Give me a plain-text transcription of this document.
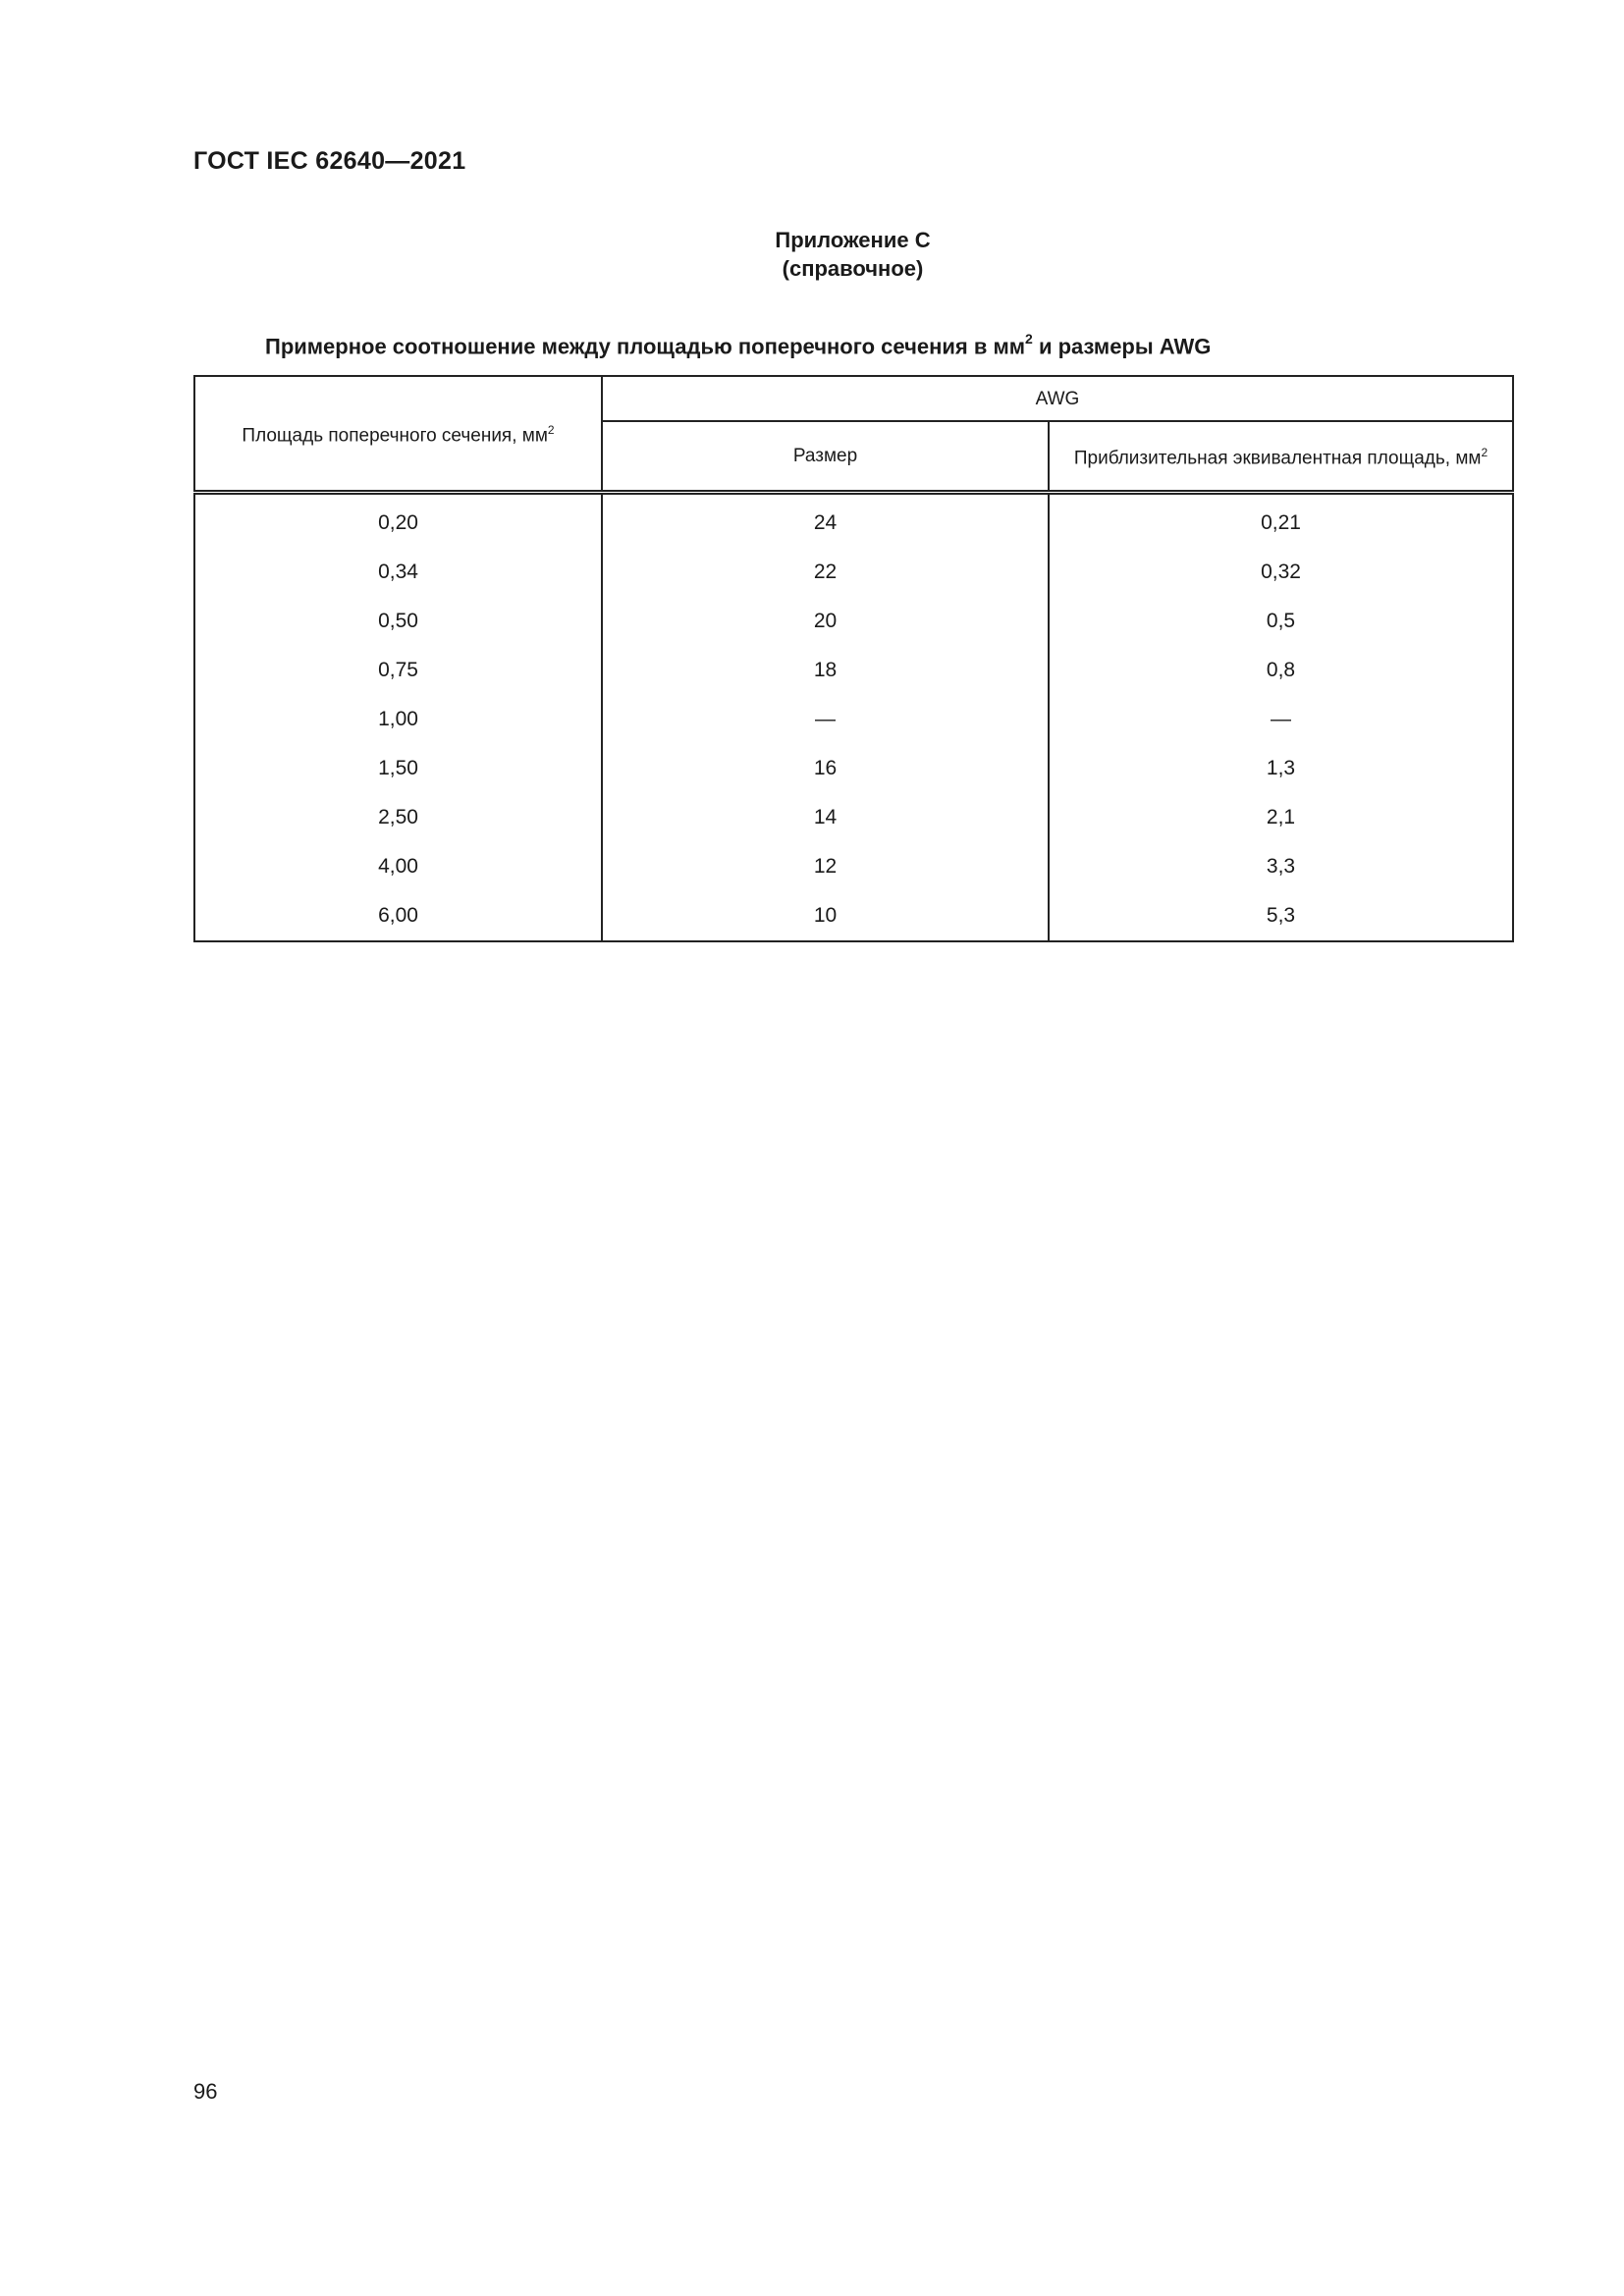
ГОСТ IEC 62640—2021

Приложение С
(справочное)

Примерное соотношение между площадью поперечного сечения в $мм^2$ и размеры AWG

Площадь поперечного сечения, $мм^2$	AWG	
	Размер	Приблизительная эквивалентная площадь, $мм^2$
0,20	24	0,21
0,34	22	0,32
0,50	20	0,5
0,75	18	0,8
1,00	—	—
1,50	16	1,3
2,50	14	2,1
4,00	12	3,3
6,00	10	5,3

96
